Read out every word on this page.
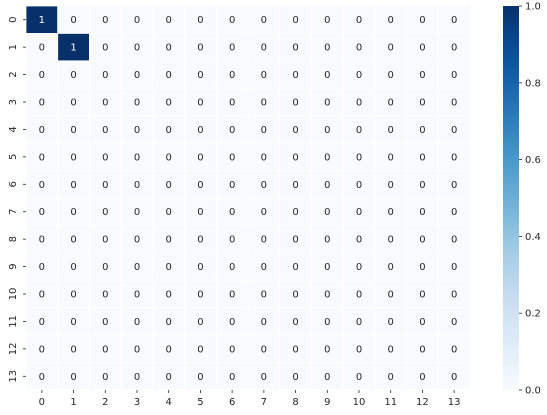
1	0	0	0	0	0	0	0	0	0	0	0	0	0
0	1	0	0	0	0	0	0	0	0	0	0	0	0
0	0	0	0	0	0	0	0	0	0	0	0	0	0
0	0	0	0	0	0	0	0	0	0	0	0	0	0
0	0	0	0	0	0	0	0	0	0	0	0	0	0
0	0	0	0	0	0	0	0	0	0	0	0	0	0
0	0	0	0	0	0	0	0	0	0	0	0	0	0
0	0	0	0	0	0	0	0	0	0	0	0	0	0
0	0	0	0	0	0	0	0	0	0	0	0	0	0
0	0	0	0	0	0	0	0	0	0	0	0	0	0
0	0	0	0	0	0	0	0	0	0	0	0	0	0
0	0	0	0	0	0	0	0	0	0	0	0	0	0
0	0	0	0	0	0	0	0	0	0	0	0	0	0
0	0	0	0	0	0	0	0	0	0	0	0	0	0
0	1	2	3	4	5	6	7	8	9 10 11 12 13
0
1
2
3
4
5
6
7
8
9
10
11
12
13
0.0
0.2
0.4
0.6
0.8
1.0
